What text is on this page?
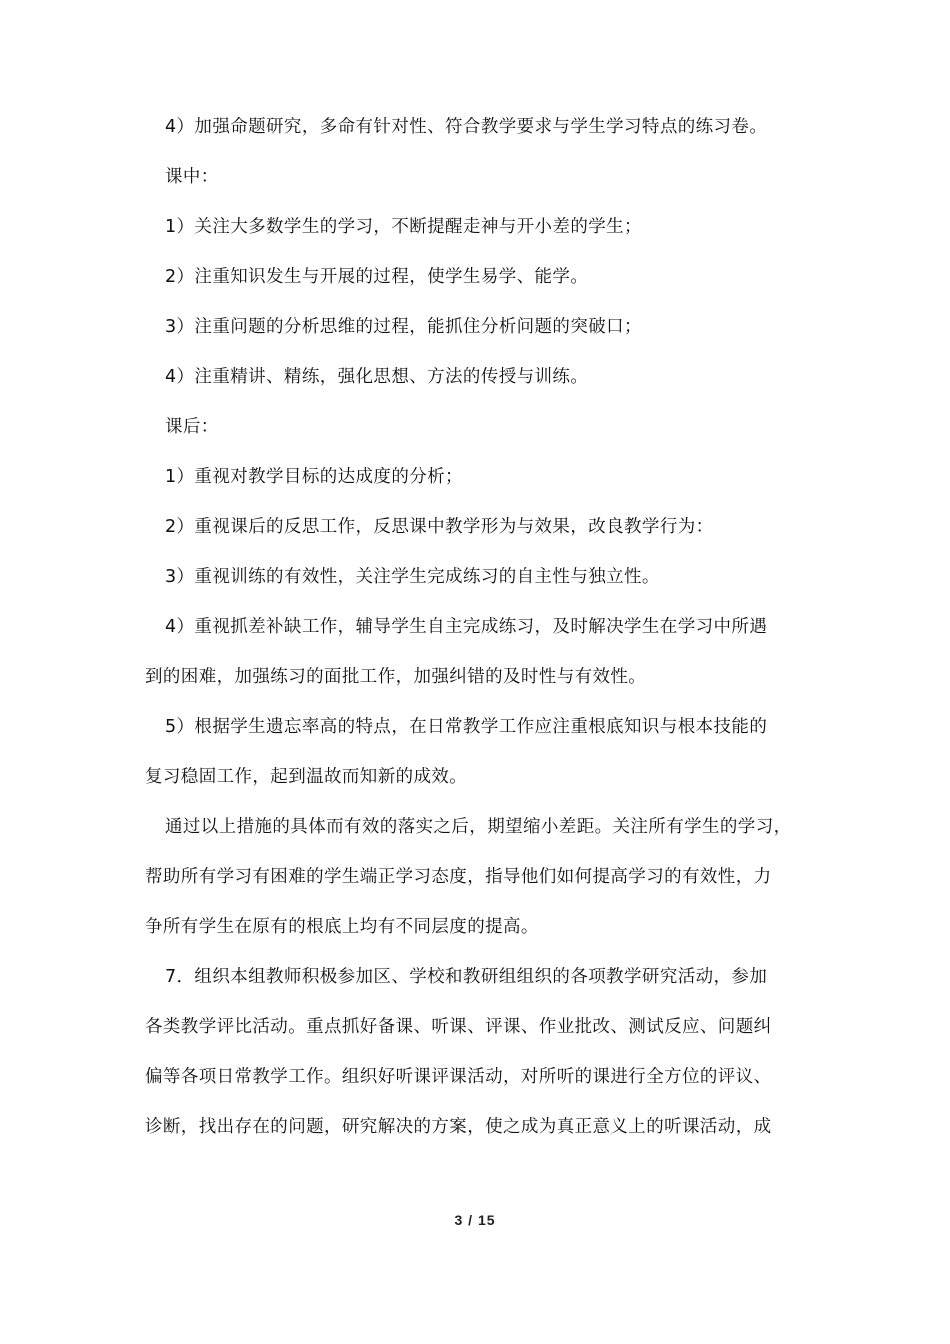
4）加强命题研究，多命有针对性、符合教学要求与学生学习特点的练习卷。
课中：
1）关注大多数学生的学习，不断提醒走神与开小差的学生；
2）注重知识发生与开展的过程，使学生易学、能学。
3）注重问题的分析思维的过程，能抓住分析问题的突破口；
4）注重精讲、精练，强化思想、方法的传授与训练。
课后：
1）重视对教学目标的达成度的分析；
2）重视课后的反思工作，反思课中教学形为与效果，改良教学行为：
3）重视训练的有效性，关注学生完成练习的自主性与独立性。
4）重视抓差补缺工作，辅导学生自主完成练习，及时解决学生在学习中所遇
到的困难，加强练习的面批工作，加强纠错的及时性与有效性。
5）根据学生遗忘率高的特点，在日常教学工作应注重根底知识与根本技能的
复习稳固工作，起到温故而知新的成效。
通过以上措施的具体而有效的落实之后，期望缩小差距。关注所有学生的学习，
帮助所有学习有困难的学生端正学习态度，指导他们如何提高学习的有效性，力
争所有学生在原有的根底上均有不同层度的提高。
7．组织本组教师积极参加区、学校和教研组组织的各项教学研究活动，参加
各类教学评比活动。重点抓好备课、听课、评课、作业批改、测试反应、问题纠
偏等各项日常教学工作。组织好听课评课活动，对所听的课进行全方位的评议、
诊断，找出存在的问题，研究解决的方案，使之成为真正意义上的听课活动，成
3 / 15
